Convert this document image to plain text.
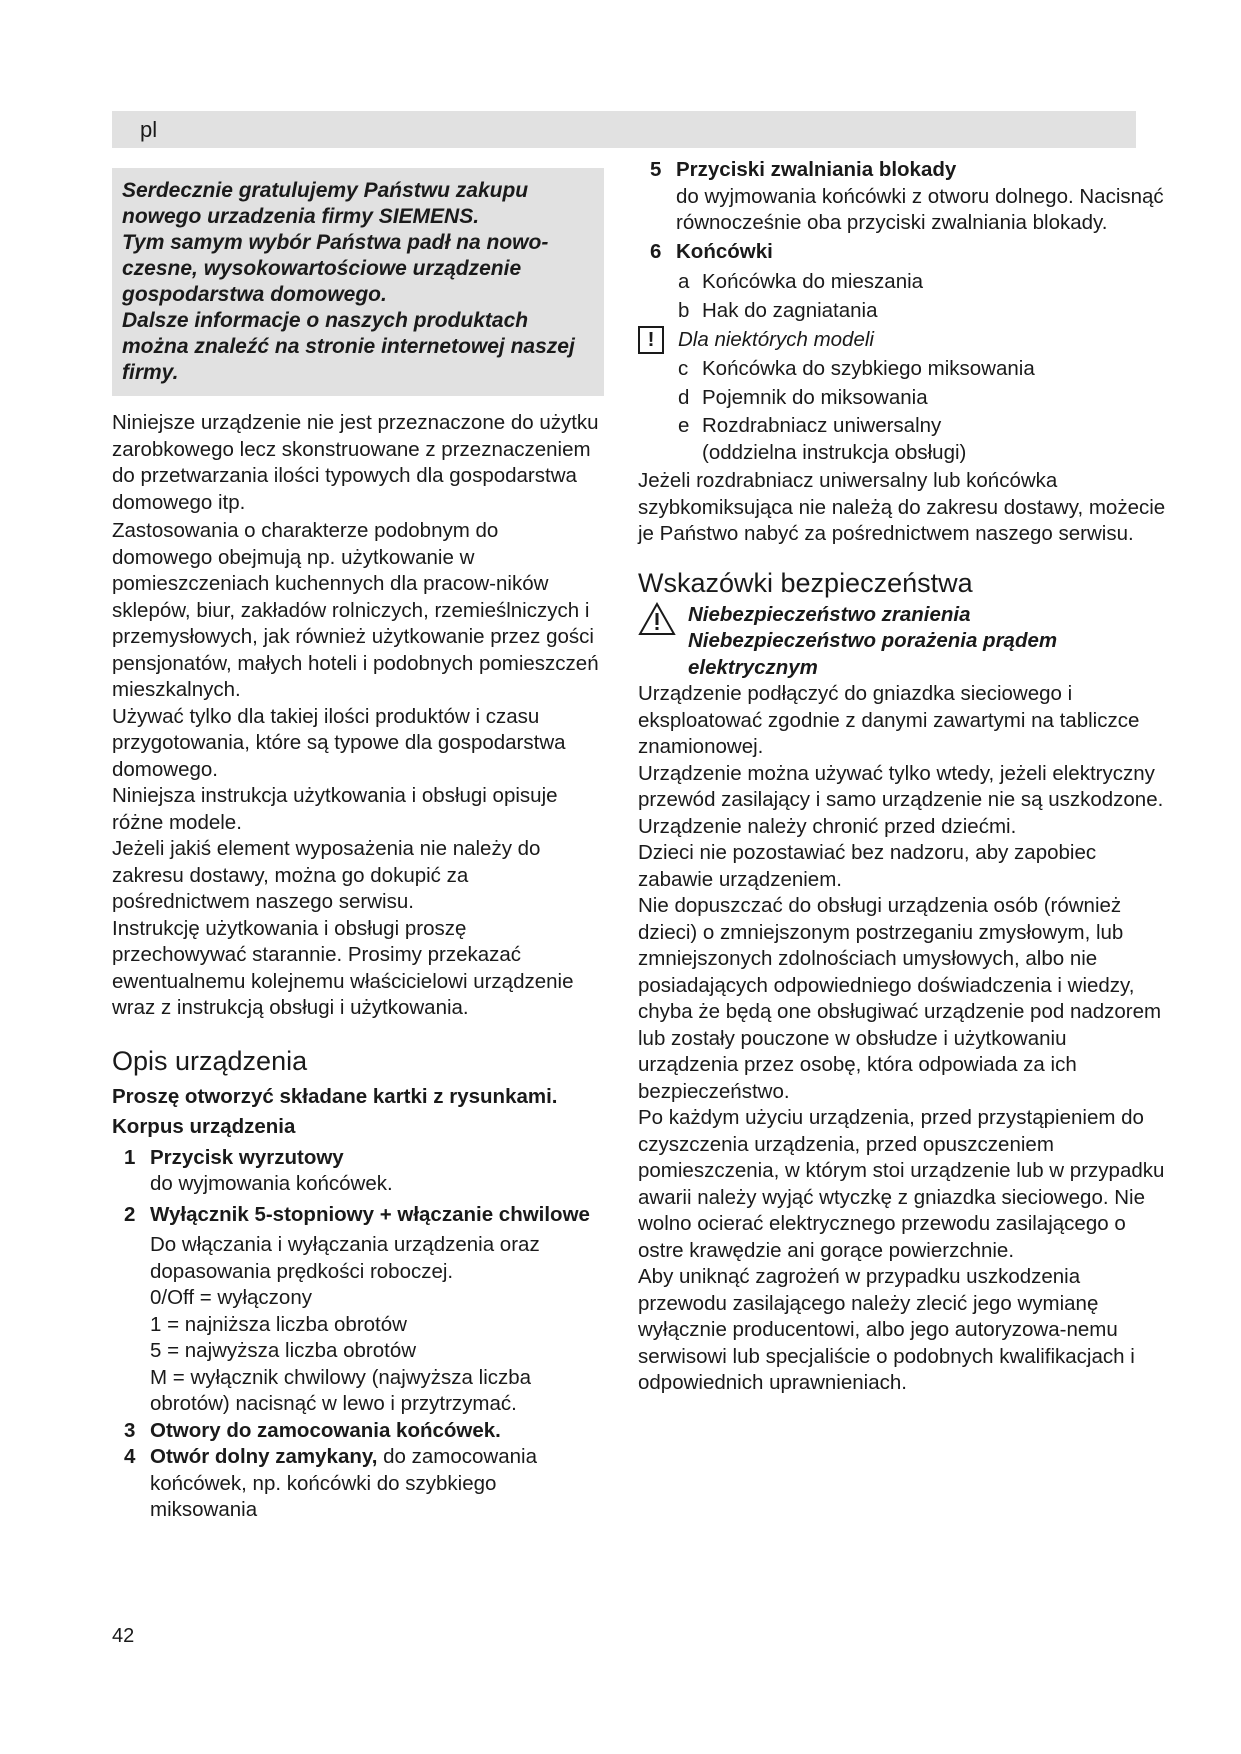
pl

Serdecznie gratulujemy Państwu zakupu nowego urzadzenia firmy SIEMENS.

Tym samym wybór Państwa padł na nowo-czesne, wysokowartościowe urządzenie gospodarstwa domowego.

Dalsze informacje o naszych produktach można znaleźć na stronie internetowej naszej firmy.

Niniejsze urządzenie nie jest przeznaczone do użytku zarobkowego lecz skonstruowane z przeznaczeniem do przetwarzania ilości typowych dla gospodarstwa domowego itp.

Zastosowania o charakterze podobnym do domowego obejmują np. użytkowanie w pomieszczeniach kuchennych dla pracow-ników sklepów, biur, zakładów rolniczych, rzemieślniczych i przemysłowych, jak również użytkowanie przez gości pensjonatów, małych hoteli i podobnych pomieszczeń mieszkalnych.

Używać tylko dla takiej ilości produktów i czasu przygotowania, które są typowe dla gospodarstwa domowego.

Niniejsza instrukcja użytkowania i obsługi opisuje różne modele.

Jeżeli jakiś element wyposażenia nie należy do zakresu dostawy, można go dokupić za pośrednictwem naszego serwisu.

Instrukcję użytkowania i obsługi proszę przechowywać starannie. Prosimy przekazać ewentualnemu kolejnemu właścicielowi urządzenie wraz z instrukcją obsługi i użytkowania.

Opis urządzenia

Proszę otworzyć składane kartki z rysunkami.

Korpus urządzenia

1 Przycisk wyrzutowy

do wyjmowania końcówek.

2 Wyłącznik 5-stopniowy + włączanie chwilowe

Do włączania i wyłączania urządzenia oraz dopasowania prędkości roboczej.

0/Off = wyłączony

1 = najniższa liczba obrotów

5 = najwyższa liczba obrotów

M = wyłącznik chwilowy (najwyższa liczba obrotów) nacisnąć w lewo i przytrzymać.

3 Otwory do zamocowania końcówek.
4 Otwór dolny zamykany, do zamocowania końcówek, np. końcówki do szybkiego miksowania
5 Przyciski zwalniania blokady

do wyjmowania końcówki z otworu dolnego. Nacisnąć równocześnie oba przyciski zwalniania blokady.

6 Końcówki
a Końcówka do mieszania
b Hak do zagniatania
!	Dla niektórych modeli
c Końcówka do szybkiego miksowania
d Pojemnik do miksowania
e Rozdrabniacz uniwersalny (oddzielna instrukcja obsługi)

Jeżeli rozdrabniacz uniwersalny lub końcówka szybkomiksująca nie należą do zakresu dostawy, możecie je Państwo nabyć za pośrednictwem naszego serwisu.

Wskazówki bezpieczeństwa

Niebezpieczeństwo zranienia

Niebezpieczeństwo porażenia prądem elektrycznym

Urządzenie podłączyć do gniazdka sieciowego i eksploatować zgodnie z danymi zawartymi na tabliczce znamionowej.

Urządzenie można używać tylko wtedy, jeżeli elektryczny przewód zasilający i samo urządzenie nie są uszkodzone.

Urządzenie należy chronić przed dziećmi.

Dzieci nie pozostawiać bez nadzoru, aby zapobiec zabawie urządzeniem.

Nie dopuszczać do obsługi urządzenia osób (również dzieci) o zmniejszonym postrzeganiu zmysłowym, lub zmniejszonych zdolnościach umysłowych, albo nie posiadających odpowiedniego doświadczenia i wiedzy, chyba że będą one obsługiwać urządzenie pod nadzorem lub zostały pouczone w obsłudze i użytkowaniu urządzenia przez osobę, która odpowiada za ich bezpieczeństwo.

Po każdym użyciu urządzenia, przed przystąpieniem do czyszczenia urządzenia, przed opuszczeniem pomieszczenia, w którym stoi urządzenie lub w przypadku awarii należy wyjąć wtyczkę z gniazdka sieciowego. Nie wolno ocierać elektrycznego przewodu zasilającego o ostre krawędzie ani gorące powierzchnie.

Aby uniknąć zagrożeń w przypadku uszkodzenia przewodu zasilającego należy zlecić jego wymianę wyłącznie producentowi, albo jego autoryzowa-nemu serwisowi lub specjaliście o podobnych kwalifikacjach i odpowiednich uprawnieniach.

42
